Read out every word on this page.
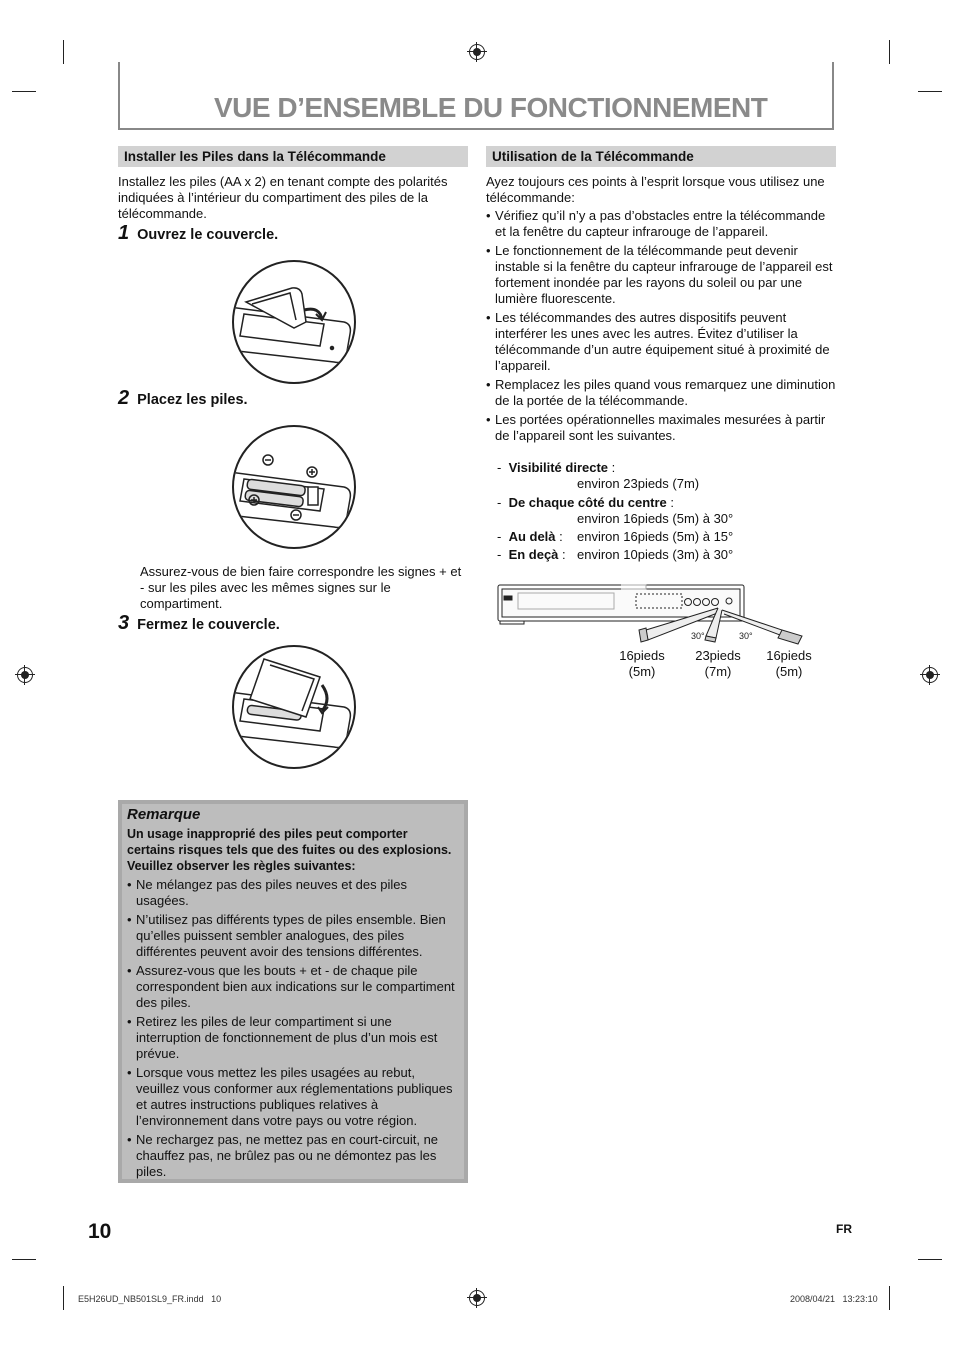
VUE D’ENSEMBLE DU FONCTIONNEMENT
Installer les Piles dans la Télécommande
Installez les piles (AA x 2) en tenant compte des polarités indiquées à l’intérieur du compartiment des piles de la télécommande.
1 Ouvrez le couvercle.
2 Placez les piles.
Assurez-vous de bien faire correspondre les signes + et - sur les piles avec les mêmes signes sur le compartiment.
3 Fermez le couvercle.
Remarque
Un usage inapproprié des piles peut comporter certains risques tels que des fuites ou des explosions. Veuillez observer les règles suivantes:
• Ne mélangez pas des piles neuves et des piles usagées.
• N’utilisez pas différents types de piles ensemble. Bien qu’elles puissent sembler analogues, des piles différentes peuvent avoir des tensions différentes.
• Assurez-vous que les bouts + et - de chaque pile correspondent bien aux indications sur le compartiment des piles.
• Retirez les piles de leur compartiment si une interruption de fonctionnement de plus d’un mois est prévue.
• Lorsque vous mettez les piles usagées au rebut, veuillez vous conformer aux réglementations publiques et autres instructions publiques relatives à l’environnement dans votre pays ou votre région.
• Ne rechargez pas, ne mettez pas en court-circuit, ne chauffez pas, ne brûlez pas ou ne démontez pas les piles.
Utilisation de la Télécommande
Ayez toujours ces points à l’esprit lorsque vous utilisez une télécommande:
• Vérifiez qu’il n’y a pas d’obstacles entre la télécommande et la fenêtre du capteur infrarouge de l’appareil.
• Le fonctionnement de la télécommande peut devenir instable si la fenêtre du capteur infrarouge de l’appareil est fortement inondée par les rayons du soleil ou par une lumière fluorescente.
• Les télécommandes des autres dispositifs peuvent interférer les unes avec les autres. Évitez d’utiliser la télécommande d’un autre équipement situé à proximité de l’appareil.
• Remplacez les piles quand vous remarquez une diminution de la portée de la télécommande.
• Les portées opérationnelles maximales mesurées à partir de l’appareil sont les suivantes.
-  Visibilité directe :
environ 23pieds (7m)
-  De chaque côté du centre :
environ 16pieds (5m) à 30°
-  Au delà : environ 16pieds (5m) à 15°
-  En deçà : environ 10pieds (3m) à 30°
30°	30°
16pieds
(5m)
23pieds
(7m)
16pieds
(5m)
10	FR
E5H26UD_NB501SL9_FR.indd   10	2008/04/21   13:23:10
